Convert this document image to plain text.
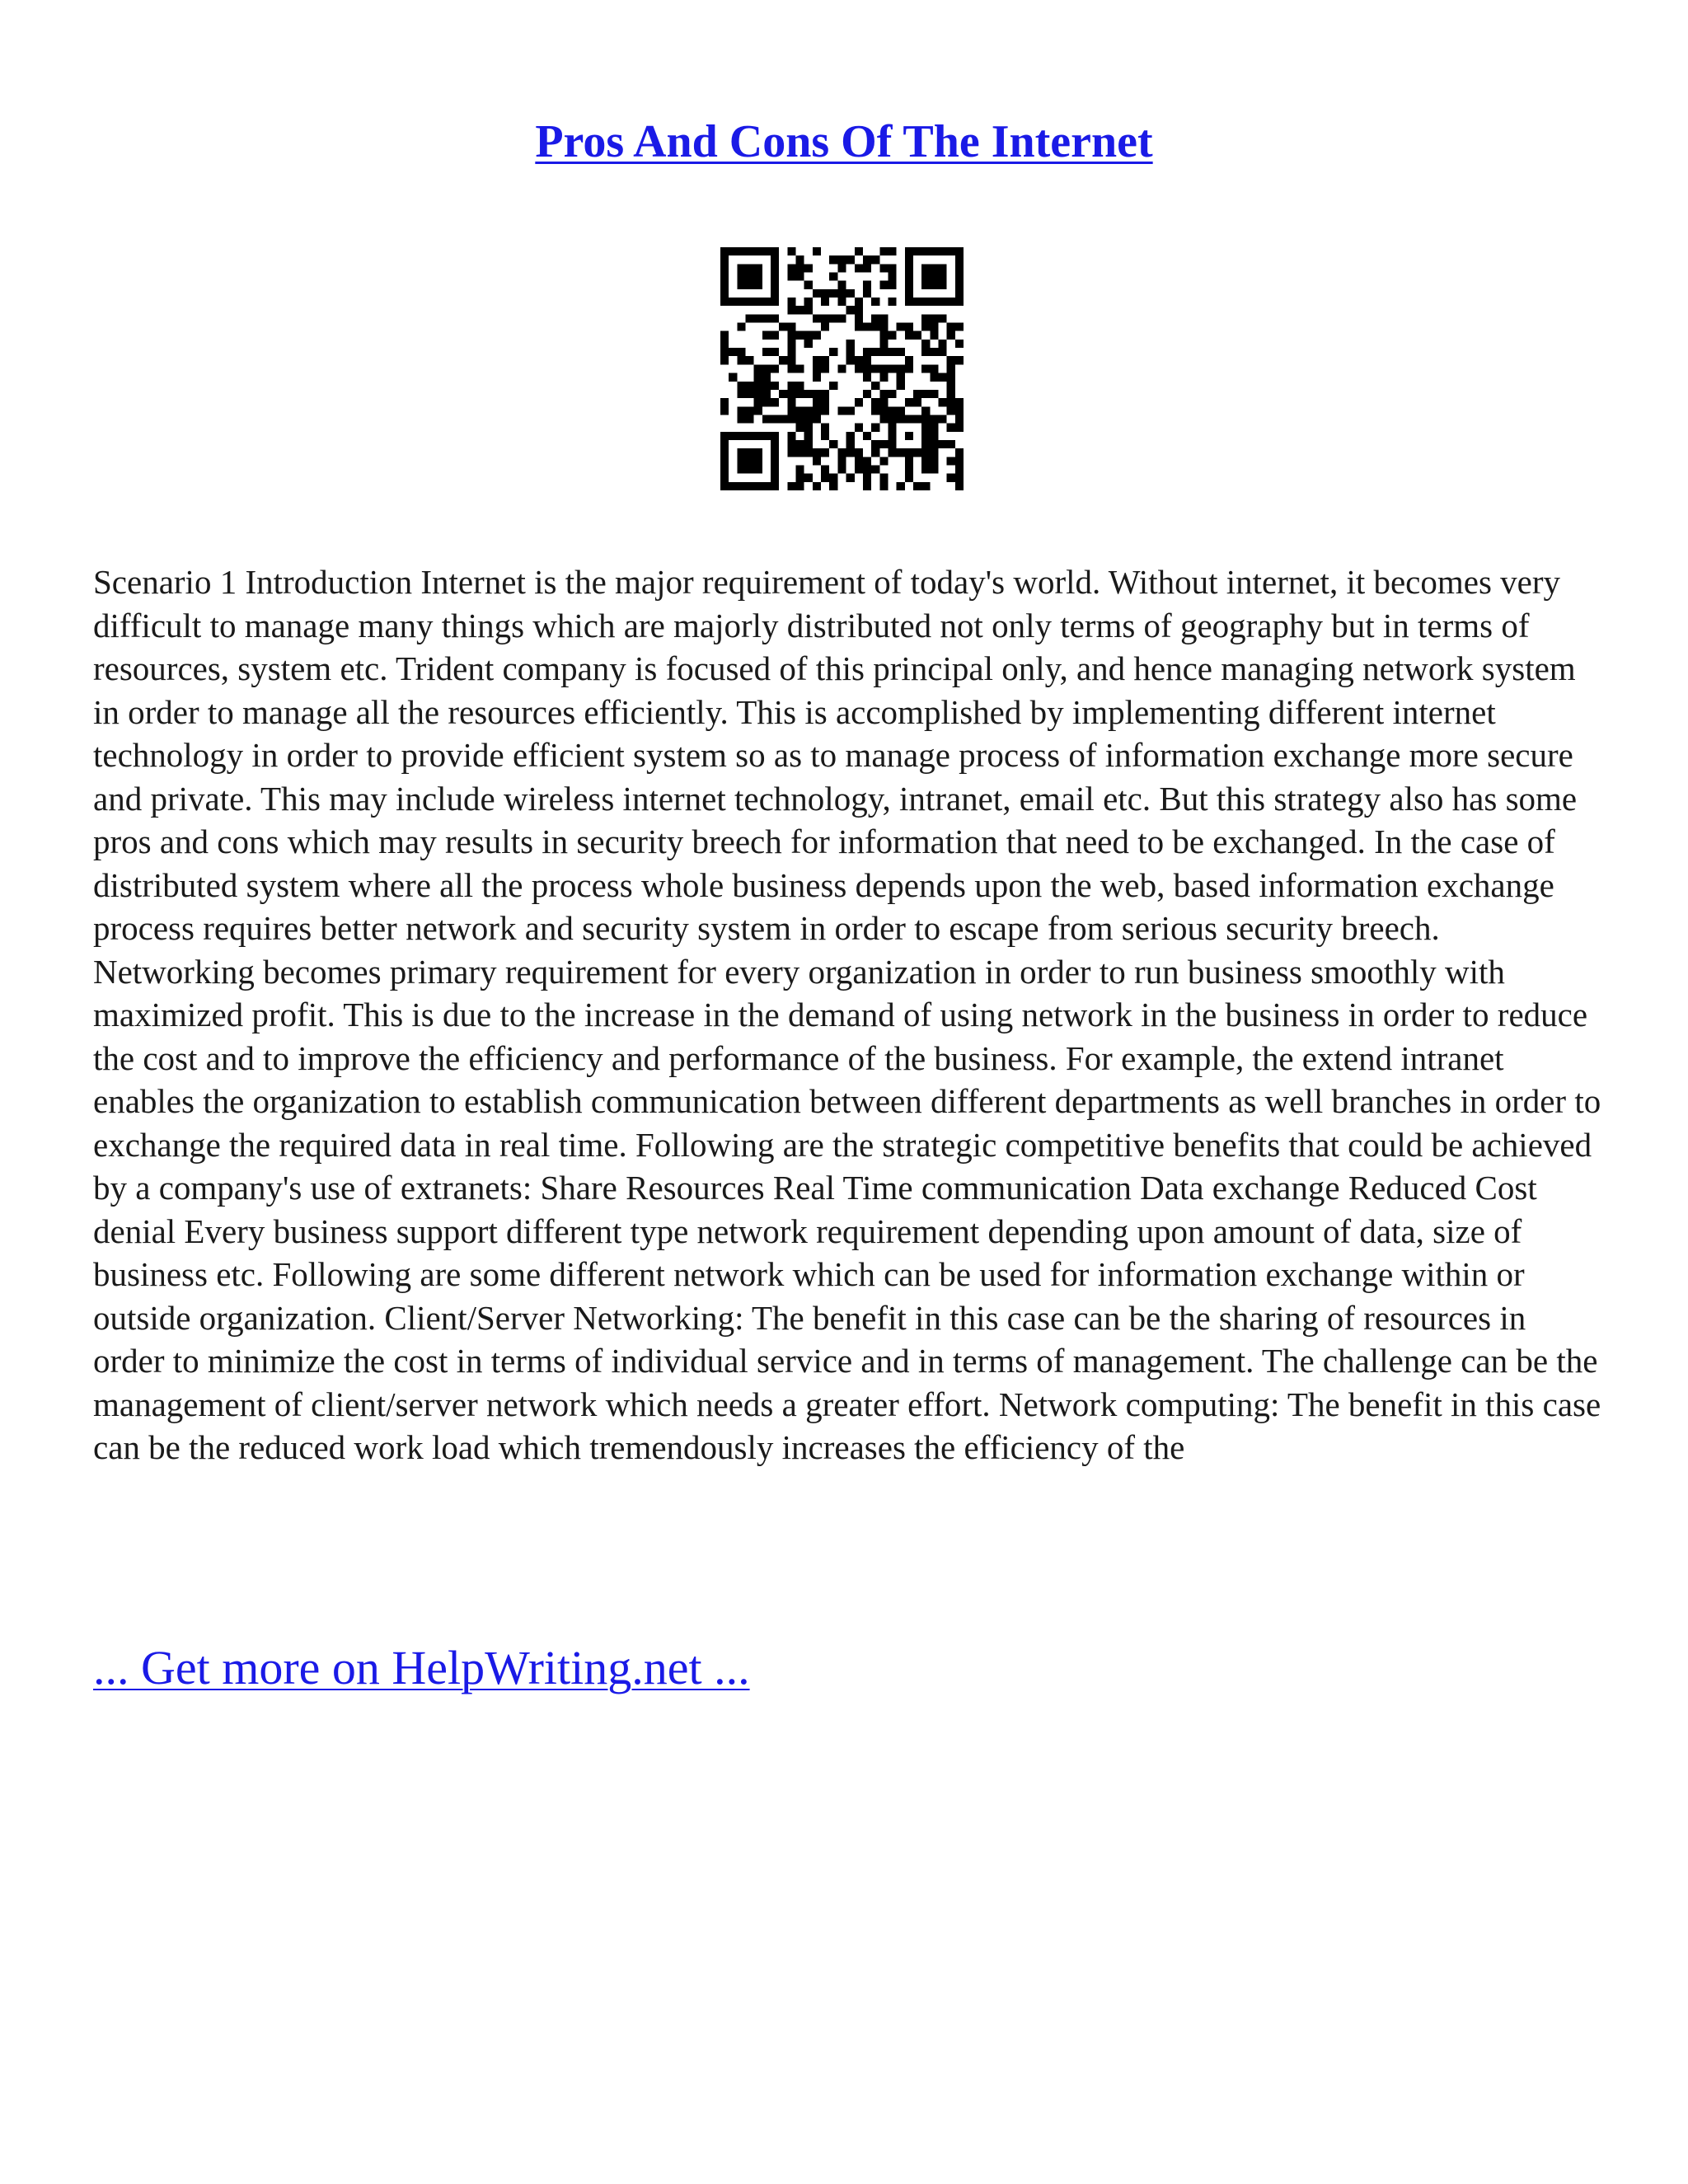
Pros And Cons Of The Internet

Scenario 1 Introduction Internet is the major requirement of today's world. Without internet, it becomes very difficult to manage many things which are majorly distributed not only terms of geography but in terms of resources, system etc. Trident company is focused of this principal only, and hence managing network system in order to manage all the resources efficiently. This is accomplished by implementing different internet technology in order to provide efficient system so as to manage process of information exchange more secure and private. This may include wireless internet technology, intranet, email etc. But this strategy also has some pros and cons which may results in security breech for information that need to be exchanged. In the case of distributed system where all the process whole business depends upon the web, based information exchange process requires better network and security system in order to escape from serious security breech. Networking becomes primary requirement for every organization in order to run business smoothly with maximized profit. This is due to the increase in the demand of using network in the business in order to reduce the cost and to improve the efficiency and performance of the business. For example, the extend intranet enables the organization to establish communication between different departments as well branches in order to exchange the required data in real time. Following are the strategic competitive benefits that could be achieved by a company's use of extranets: Share Resources Real Time communication Data exchange Reduced Cost denial Every business support different type network requirement depending upon amount of data, size of business etc. Following are some different network which can be used for information exchange within or outside organization. Client/Server Networking: The benefit in this case can be the sharing of resources in order to minimize the cost in terms of individual service and in terms of management. The challenge can be the management of client/server network which needs a greater effort. Network computing: The benefit in this case can be the reduced work load which tremendously increases the efficiency of the

... Get more on HelpWriting.net ...
